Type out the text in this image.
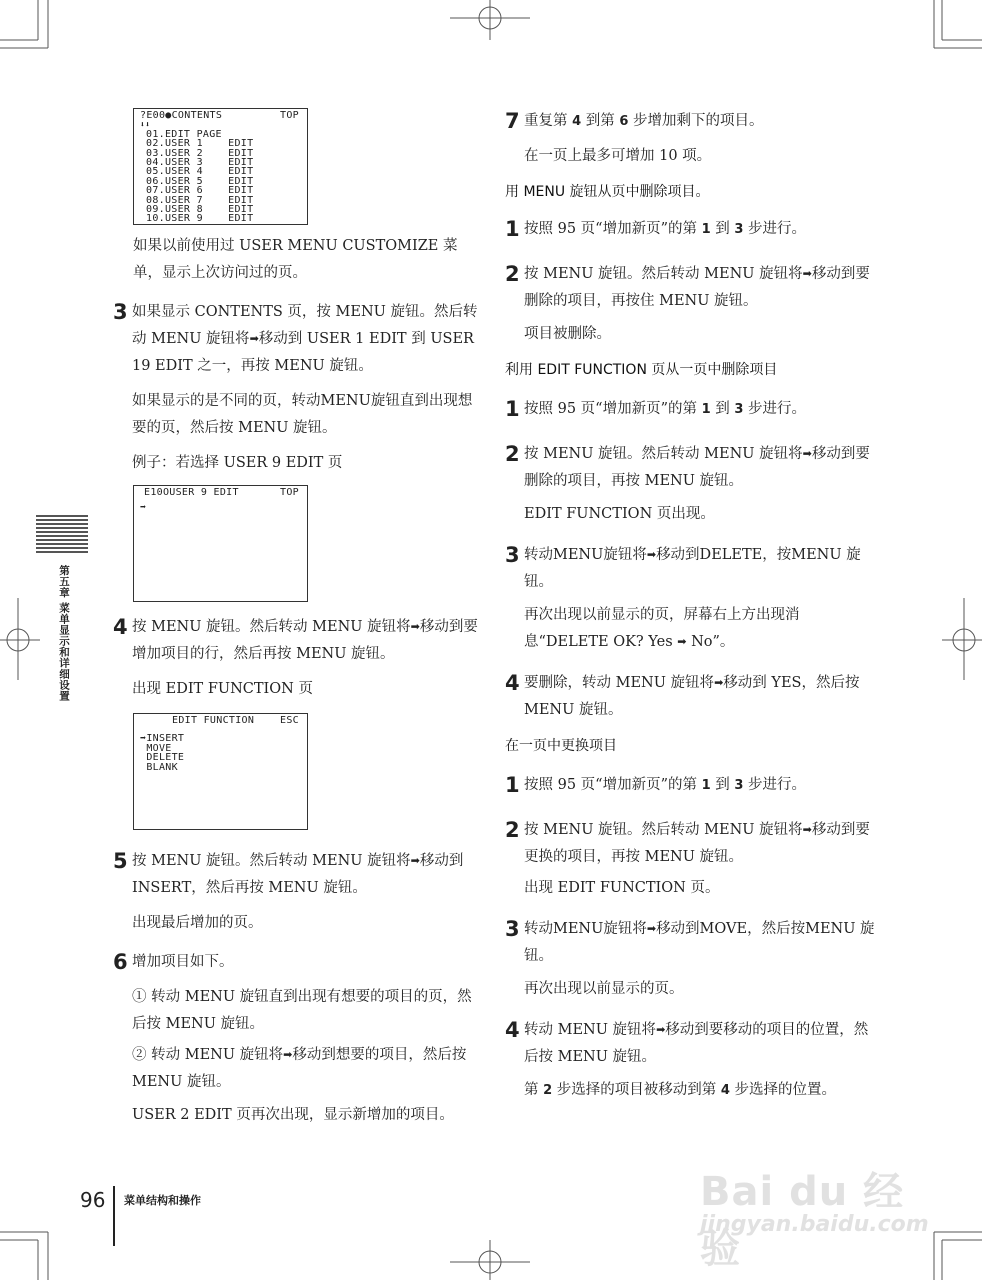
第五章 菜单显示和详细设置
?E00●CONTENTS	TOP
⬇⬇
01.EDIT PAGE
02.USER 1    EDIT
03.USER 2    EDIT
04.USER 3    EDIT
05.USER 4    EDIT
06.USER 5    EDIT
07.USER 6    EDIT
08.USER 7    EDIT
09.USER 8    EDIT
10.USER 9    EDIT

如果以前使用过 USER MENU CUSTOMIZE 菜单，显示上次访问过的页。

3 如果显示 CONTENTS 页，按 MENU 旋钮。然后转动 MENU 旋钮将➡移动到 USER 1 EDIT 到 USER 19 EDIT 之一，再按 MENU 旋钮。

如果显示的是不同的页，转动MENU旋钮直到出现想要的页，然后按 MENU 旋钮。

例子：若选择 USER 9 EDIT 页

E10OUSER 9 EDIT	TOP
➡
4 按 MENU 旋钮。然后转动 MENU 旋钮将➡移动到要增加项目的行，然后再按 MENU 旋钮。

出现 EDIT FUNCTION 页

EDIT FUNCTION	ESC
➡INSERT
MOVE
DELETE
BLANK
5 按 MENU 旋钮。然后转动 MENU 旋钮将➡移动到 INSERT，然后再按 MENU 旋钮。

出现最后增加的页。

6 增加项目如下。

① 转动 MENU 旋钮直到出现有想要的项目的页，然后按 MENU 旋钮。

② 转动 MENU 旋钮将➡移动到想要的项目，然后按 MENU 旋钮。

USER 2 EDIT 页再次出现，显示新增加的项目。

7 重复第 4 到第 6 步增加剩下的项目。

在一页上最多可增加 10 项。

用 MENU 旋钮从页中删除项目。

1 按照 95 页“增加新页”的第 1 到 3 步进行。

2 按 MENU 旋钮。然后转动 MENU 旋钮将➡移动到要删除的项目，再按住 MENU 旋钮。

项目被删除。

利用 EDIT FUNCTION 页从一页中删除项目

1 按照 95 页“增加新页”的第 1 到 3 步进行。

2 按 MENU 旋钮。然后转动 MENU 旋钮将➡移动到要删除的项目，再按 MENU 旋钮。

EDIT FUNCTION 页出现。

3 转动MENU旋钮将➡移动到DELETE，按MENU 旋钮。

再次出现以前显示的页，屏幕右上方出现消息“DELETE OK? Yes ➡ No”。

4 要删除，转动 MENU 旋钮将➡移动到 YES，然后按 MENU 旋钮。

在一页中更换项目

1 按照 95 页“增加新页”的第 1 到 3 步进行。

2 按 MENU 旋钮。然后转动 MENU 旋钮将➡移动到要更换的项目，再按 MENU 旋钮。

出现 EDIT FUNCTION 页。

3 转动MENU旋钮将➡移动到MOVE，然后按MENU 旋钮。

再次出现以前显示的页。

4 转动 MENU 旋钮将➡移动到要移动的项目的位置，然后按 MENU 旋钮。

第 2 步选择的项目被移动到第 4 步选择的位置。

96 菜单结构和操作	Bai du 经验
jingyan.baidu.com
